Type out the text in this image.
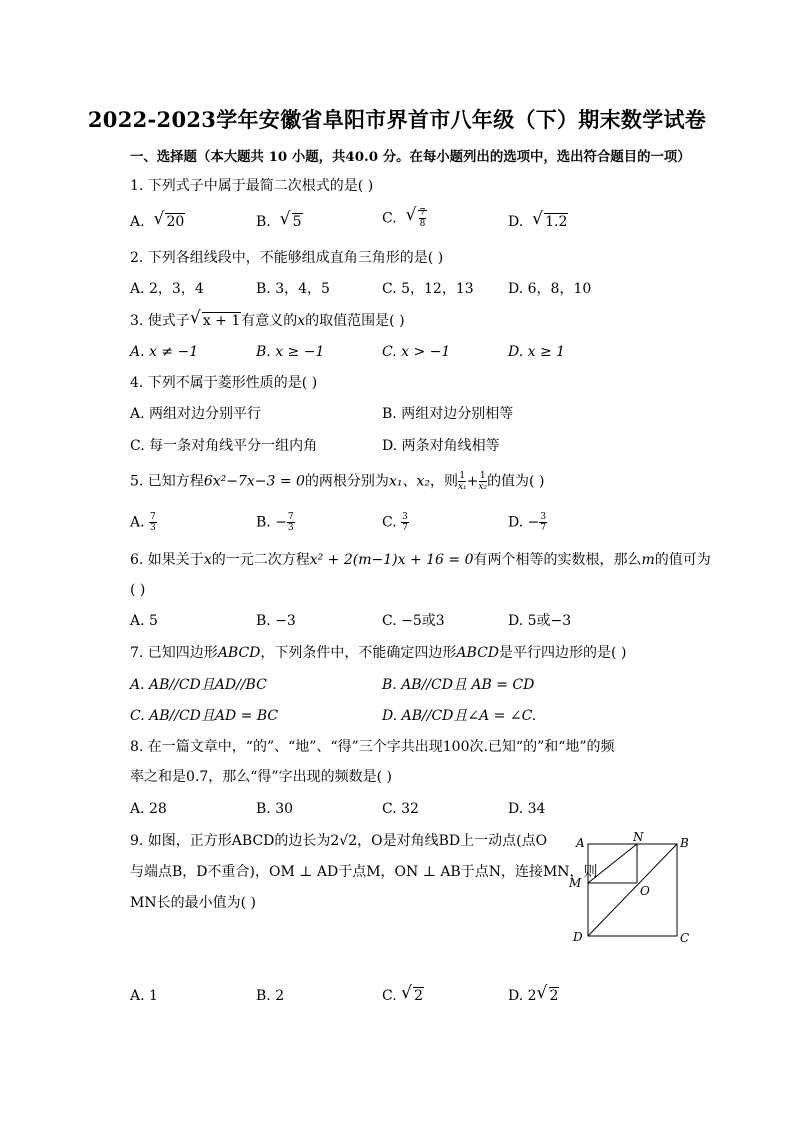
2022-2023学年安徽省阜阳市界首市八年级（下）期末数学试卷
一、选择题（本大题共 10 小题，共40.0 分。在每小题列出的选项中，选出符合题目的一项）
1. 下列式子中属于最简二次根式的是( )
A. √ 20	B. √ 5	C. √ $\frac{7}{8}$	D. √ 1.2
2. 下列各组线段中，不能够组成直角三角形的是( )
A. 2，3，4	B. 3，4，5	C. 5，12，13 D. 6，8，10
3. 使式子 √ x + 1有意义的x的取值范围是( )
A. x ≠ −1	B. x ≥ −1	C. x > −1	D. x ≥ 1
4. 下列不属于菱形性质的是( )
A. 两组对边分别平行	B. 两组对边分别相等
C. 每一条对角线平分一组内角	D. 两条对角线相等
5. 已知方程6x²−7x−3 = 0的两根分别为x₁、x₂，则 $\frac{1}{\text{x₁}} + \frac{1}{\text{x₂}}$ 的值为( )
A. $\frac{7}{3}$	B. − $\frac{7}{3}$	C. $\frac{3}{7}$	D. − $\frac{3}{7}$
6. 如果关于x的一元二次方程x² + 2(m−1)x + 16 = 0有两个相等的实数根，那么m的值可为
( )
A. 5	B. −3	C. −5或3	D. 5或−3
7. 已知四边形ABCD，下列条件中，不能确定四边形ABCD是平行四边形的是( )
A. AB//CD且AD//BC	B. AB//CD且 AB = CD
C. AB//CD且AD = BC	D. AB//CD且∠A = ∠C.
8. 在一篇文章中，“的”、“地”、“得”三个字共出现100次.已知“的”和“地”的频
率之和是0.7，那么“得”字出现的频数是( )
A. 28	B. 30	C. 32	D. 34
9. 如图，正方形ABCD的边长为2√2，O是对角线BD上一动点(点O
与端点B，D不重合)，OM ⊥ AD于点M，ON ⊥ AB于点N，连接MN，则
MN长的最小值为( )
A	N	B
M
O
D	C
A. 1	B. 2	C. √ 2	D. 2 √ 2
